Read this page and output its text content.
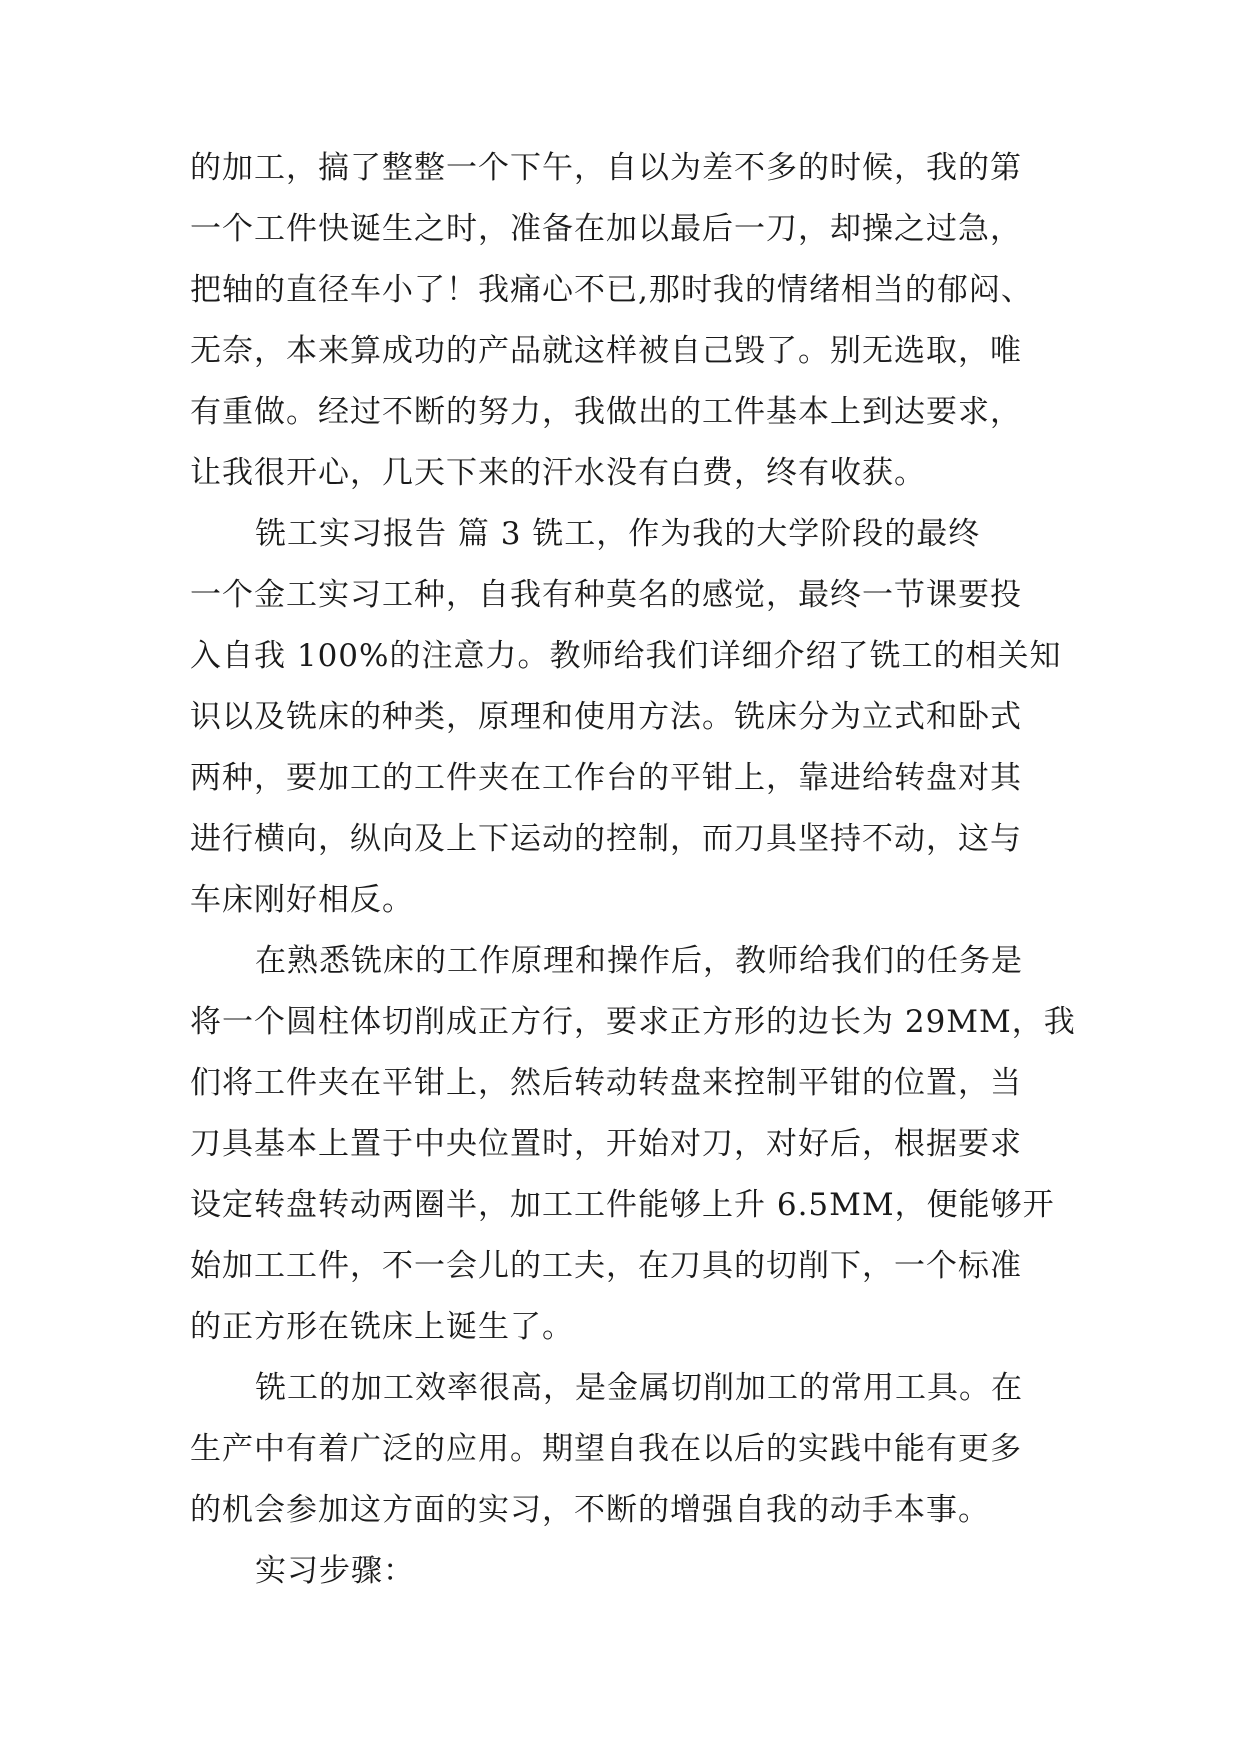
的加工，搞了整整一个下午，自以为差不多的时候，我的第
一个工件快诞生之时，准备在加以最后一刀，却操之过急，
把轴的直径车小了！我痛心不已,那时我的情绪相当的郁闷、
无奈，本来算成功的产品就这样被自己毁了。别无选取，唯
有重做。经过不断的努力，我做出的工件基本上到达要求，
让我很开心，几天下来的汗水没有白费，终有收获。
铣工实习报告 篇 3 铣工，作为我的大学阶段的最终
一个金工实习工种，自我有种莫名的感觉，最终一节课要投
入自我 100%的注意力。教师给我们详细介绍了铣工的相关知
识以及铣床的种类，原理和使用方法。铣床分为立式和卧式
两种，要加工的工件夹在工作台的平钳上，靠进给转盘对其
进行横向，纵向及上下运动的控制，而刀具坚持不动，这与
车床刚好相反。
在熟悉铣床的工作原理和操作后，教师给我们的任务是
将一个圆柱体切削成正方行，要求正方形的边长为 29MM，我
们将工件夹在平钳上，然后转动转盘来控制平钳的位置，当
刀具基本上置于中央位置时，开始对刀，对好后，根据要求
设定转盘转动两圈半，加工工件能够上升 6.5MM，便能够开
始加工工件，不一会儿的工夫，在刀具的切削下，一个标准
的正方形在铣床上诞生了。
铣工的加工效率很高，是金属切削加工的常用工具。在
生产中有着广泛的应用。期望自我在以后的实践中能有更多
的机会参加这方面的实习，不断的增强自我的动手本事。
实习步骤：
